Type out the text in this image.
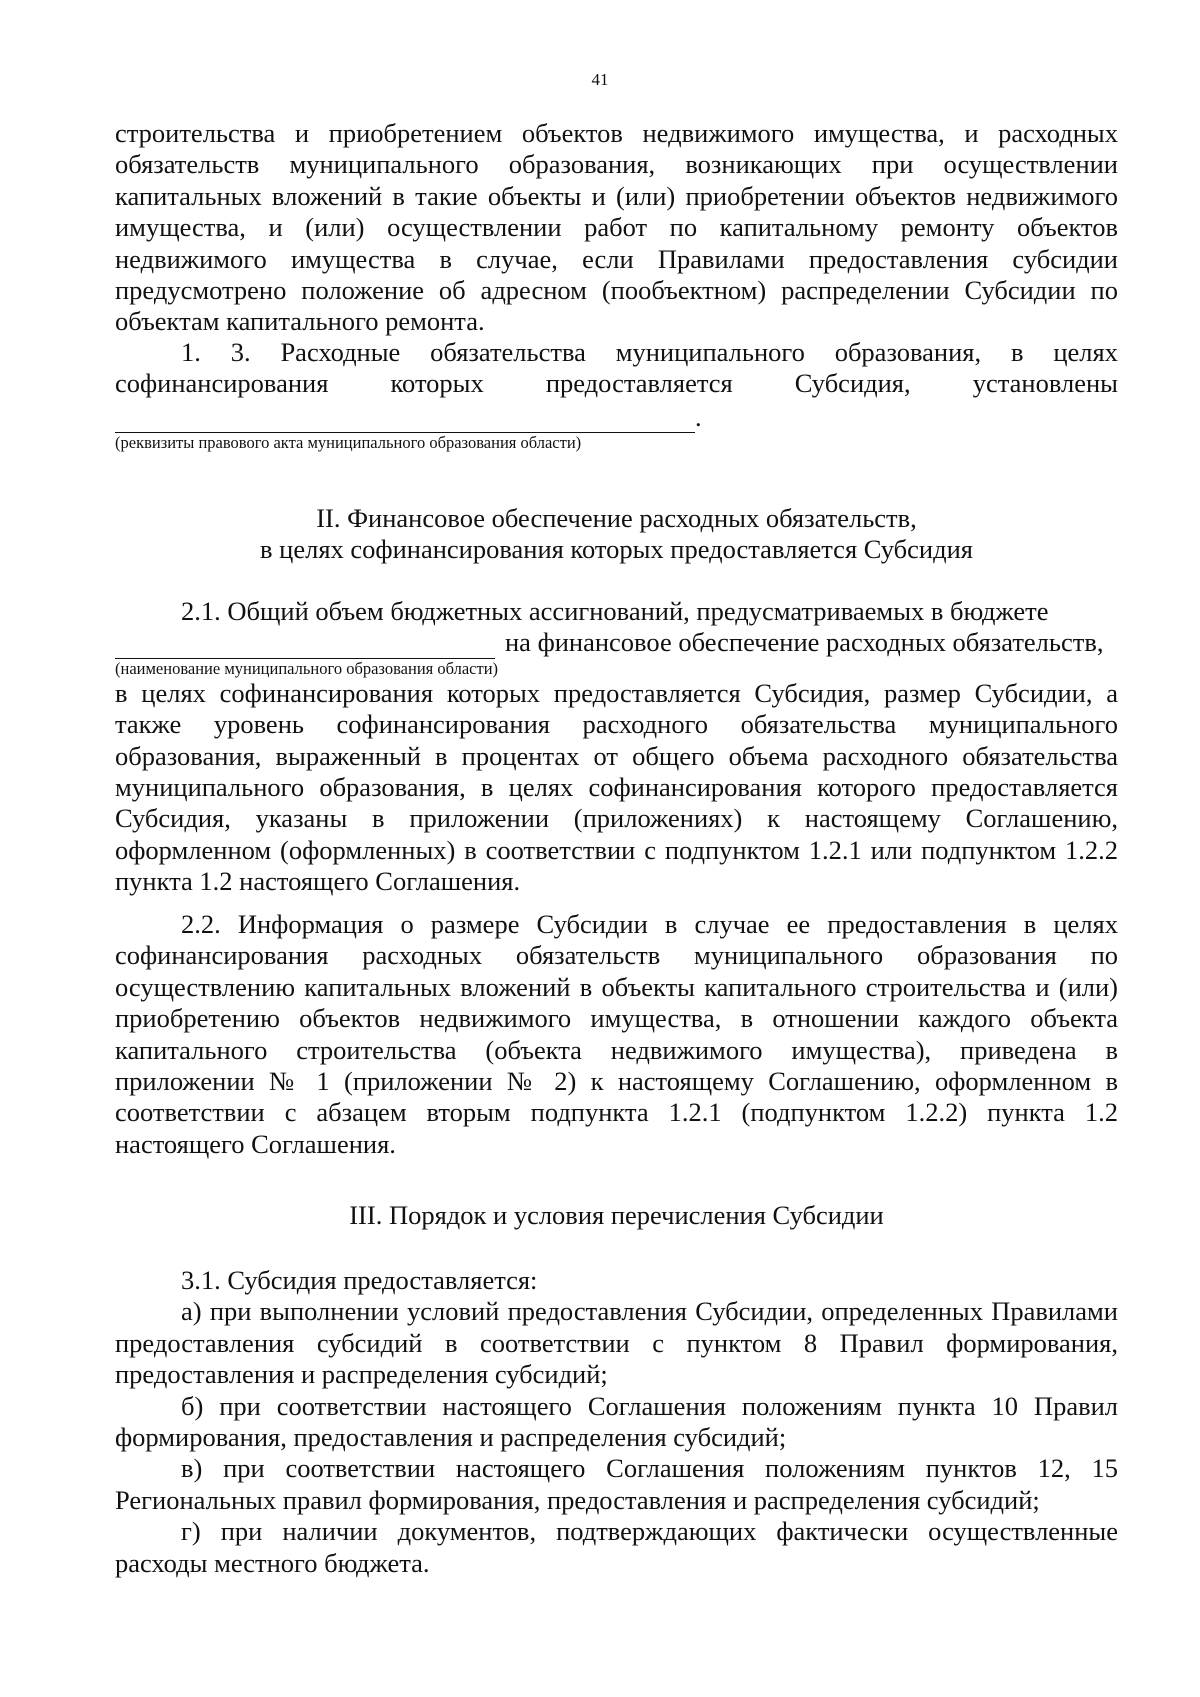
41

строительства и приобретением объектов недвижимого имущества, и расходных обязательств муниципального образования, возникающих при осуществлении капитальных вложений в такие объекты и (или) приобретении объектов недвижимого имущества, и (или) осуществлении работ по капитальному ремонту объектов недвижимого имущества в случае, если Правилами предоставления субсидии предусмотрено положение об адресном (пообъектном) распределении Субсидии по объектам капитального ремонта.

1. 3. Расходные обязательства муниципального образования, в целях
софинансирования которых предоставляется Субсидия, установлены
.

(реквизиты правового акта муниципального образования области)

II. Финансовое обеспечение расходных обязательств,

в целях софинансирования которых предоставляется Субсидия

2.1. Общий объем бюджетных ассигнований, предусматриваемых в бюджете
на финансовое обеспечение расходных обязательств,

(наименование муниципального образования области)

в целях софинансирования которых предоставляется Субсидия, размер Субсидии, а также уровень софинансирования расходного обязательства муниципального образования, выраженный в процентах от общего объема расходного обязательства муниципального образования, в целях софинансирования которого предоставляется Субсидия, указаны в приложении (приложениях) к настоящему Соглашению, оформленном (оформленных) в соответствии с подпунктом 1.2.1 или подпунктом 1.2.2 пункта 1.2 настоящего Соглашения.

2.2. Информация о размере Субсидии в случае ее предоставления в целях софинансирования расходных обязательств муниципального образования по осуществлению капитальных вложений в объекты капитального строительства и (или) приобретению объектов недвижимого имущества, в отношении каждого объекта капитального строительства (объекта недвижимого имущества), приведена в приложении № 1 (приложении № 2) к настоящему Соглашению, оформленном в соответствии с абзацем вторым подпункта 1.2.1 (подпунктом 1.2.2) пункта 1.2 настоящего Соглашения.

III. Порядок и условия перечисления Субсидии

3.1. Субсидия предоставляется:

а) при выполнении условий предоставления Субсидии, определенных Правилами предоставления субсидий в соответствии с пунктом 8 Правил формирования, предоставления и распределения субсидий;

б) при соответствии настоящего Соглашения положениям пункта 10 Правил формирования, предоставления и распределения субсидий;

в) при соответствии настоящего Соглашения положениям пунктов 12, 15 Региональных правил формирования, предоставления и распределения субсидий;

г) при наличии документов, подтверждающих фактически осуществленные расходы местного бюджета.
